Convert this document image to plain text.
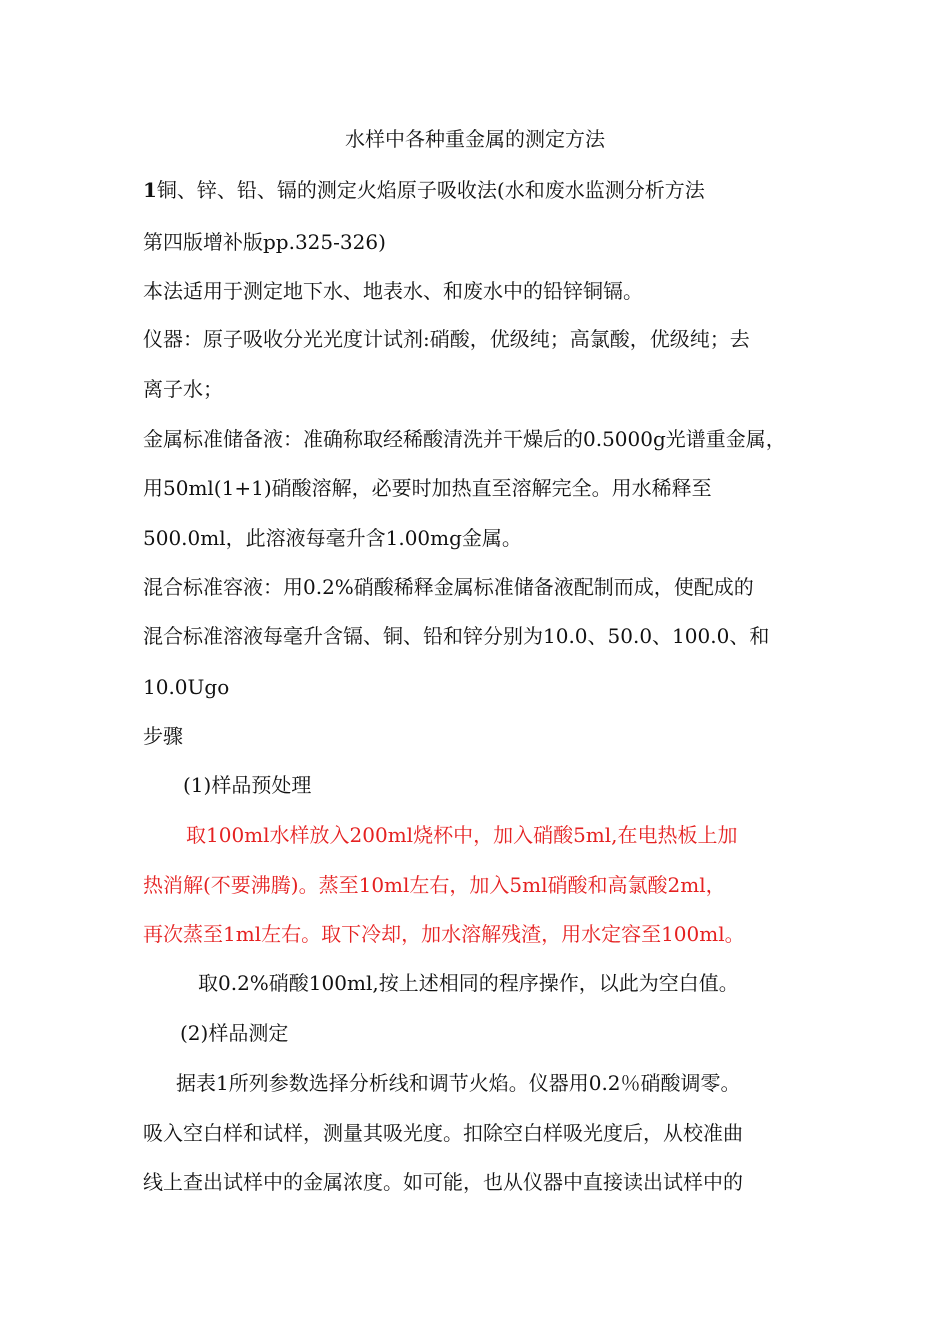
水样中各种重金属的测定方法
1铜、锌、铅、镉的测定火焰原子吸收法(水和废水监测分析方法
第四版增补版pp.325-326)
本法适用于测定地下水、地表水、和废水中的铅锌铜镉。
仪器：原子吸收分光光度计试剂:硝酸，优级纯；高氯酸，优级纯；去
离子水；
金属标准储备液：准确称取经稀酸清洗并干燥后的0.5000g光谱重金属，
用50ml(1+1)硝酸溶解，必要时加热直至溶解完全。用水稀释至
500.0ml，此溶液每毫升含1.00mg金属。
混合标准容液：用0.2%硝酸稀释金属标准储备液配制而成，使配成的
混合标准溶液每毫升含镉、铜、铅和锌分别为10.0、50.0、100.0、和
10.0Ugo
步骤
(1)样品预处理
取100ml水样放入200ml烧杯中，加入硝酸5ml,在电热板上加
热消解(不要沸腾)。蒸至10ml左右，加入5ml硝酸和高氯酸2ml，
再次蒸至1ml左右。取下冷却，加水溶解残渣，用水定容至100ml。
取0.2%硝酸100ml,按上述相同的程序操作，以此为空白值。
(2)样品测定
据表1所列参数选择分析线和调节火焰。仪器用0.2％硝酸调零。
吸入空白样和试样，测量其吸光度。扣除空白样吸光度后，从校准曲
线上查出试样中的金属浓度。如可能，也从仪器中直接读出试样中的
